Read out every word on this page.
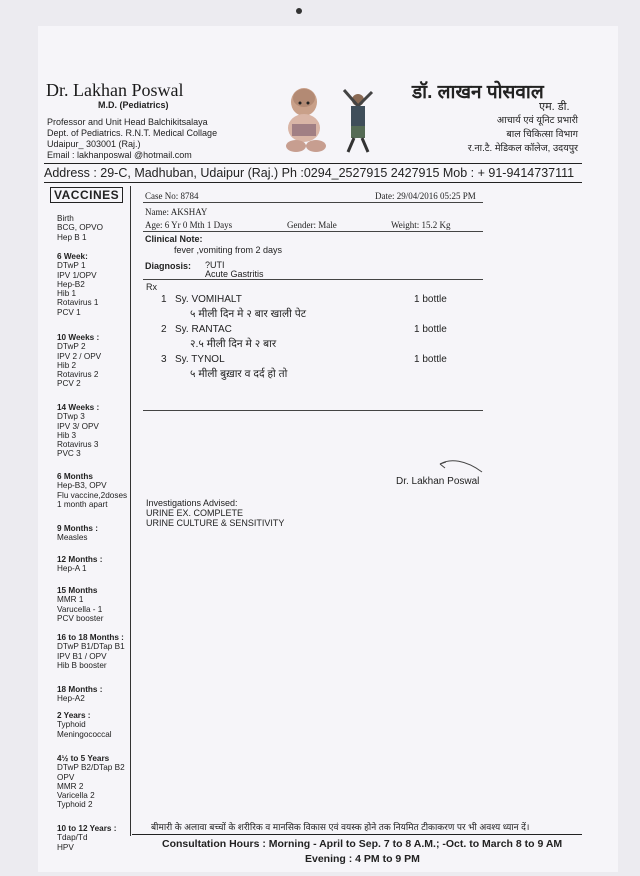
Dr. Lakhan Poswal
M.D. (Pediatrics)
Professor and Unit Head Balchikitsalaya
Dept. of Pediatrics. R.N.T. Medical Collage
Udaipur_ 303001 (Raj.)
Email : lakhanposwal @hotmail.com
डॉ. लाखन पोसवाल
एम. डी.
आचार्य एवं यूनिट प्रभारी
बाल चिकित्सा विभाग
र.ना.टै. मेडिकल कॉलेज, उदयपुर
Address : 29-C, Madhuban, Udaipur (Raj.) Ph :0294_2527915 2427915 Mob : + 91-9414737111
VACCINES
Birth
BCG, OPVO
Hep B 1
6 Week:
DTwP 1
IPV 1/OPV
Hep-B2
Hib 1
Rotavirus 1
PCV 1
10 Weeks :
DTwP 2
IPV 2 / OPV
Hib 2
Rotavirus 2
PCV 2
14 Weeks :
DTwp 3
IPV 3/ OPV
Hib 3
Rotavirus 3
PVC 3
6 Months
Hep-B3, OPV
Flu vaccine,2doses
1 month apart
9 Months :
Measles
12 Months :
Hep-A 1
15 Months
MMR 1
Varucella - 1
PCV booster
16 to 18 Months :
DTwP B1/DTap B1
IPV B1 / OPV
Hib B booster
18 Months :
Hep-A2
2 Years :
Typhoid
Meningococcal
4½ to 5 Years
DTwP B2/DTap B2
OPV
MMR 2
Varicella 2
Typhoid 2
10 to 12 Years :
Tdap/Td
HPV
Case No: 8784	Date: 29/04/2016 05:25 PM
Name: AKSHAY
Age: 6 Yr 0 Mth 1 Days	Gender: Male	Weight: 15.2 Kg
Clinical Note:
fever ,vomiting from 2 days
Diagnosis: ?UTI
Acute Gastritis
Rx
1 Sy. VOMIHALT	1 bottle
५ मीली दिन मे २ बार खाली पेट
2 Sy. RANTAC	1 bottle
२.५ मीली दिन मे २ बार
3 Sy. TYNOL	1 bottle
५ मीली बुख़ार व दर्द हो तो
Dr. Lakhan Poswal
Investigations Advised:
URINE EX. COMPLETE
URINE CULTURE & SENSITIVITY
बीमारी के अलावा बच्चों के शरीरिक व मानसिक विकास एवं वयस्क होने तक नियमित टीकाकरण पर भी अवश्य ध्यान दें।
Consultation Hours : Morning - April to Sep. 7 to 8 A.M.; -Oct. to March 8 to 9 AM
Evening : 4 PM to 9 PM
